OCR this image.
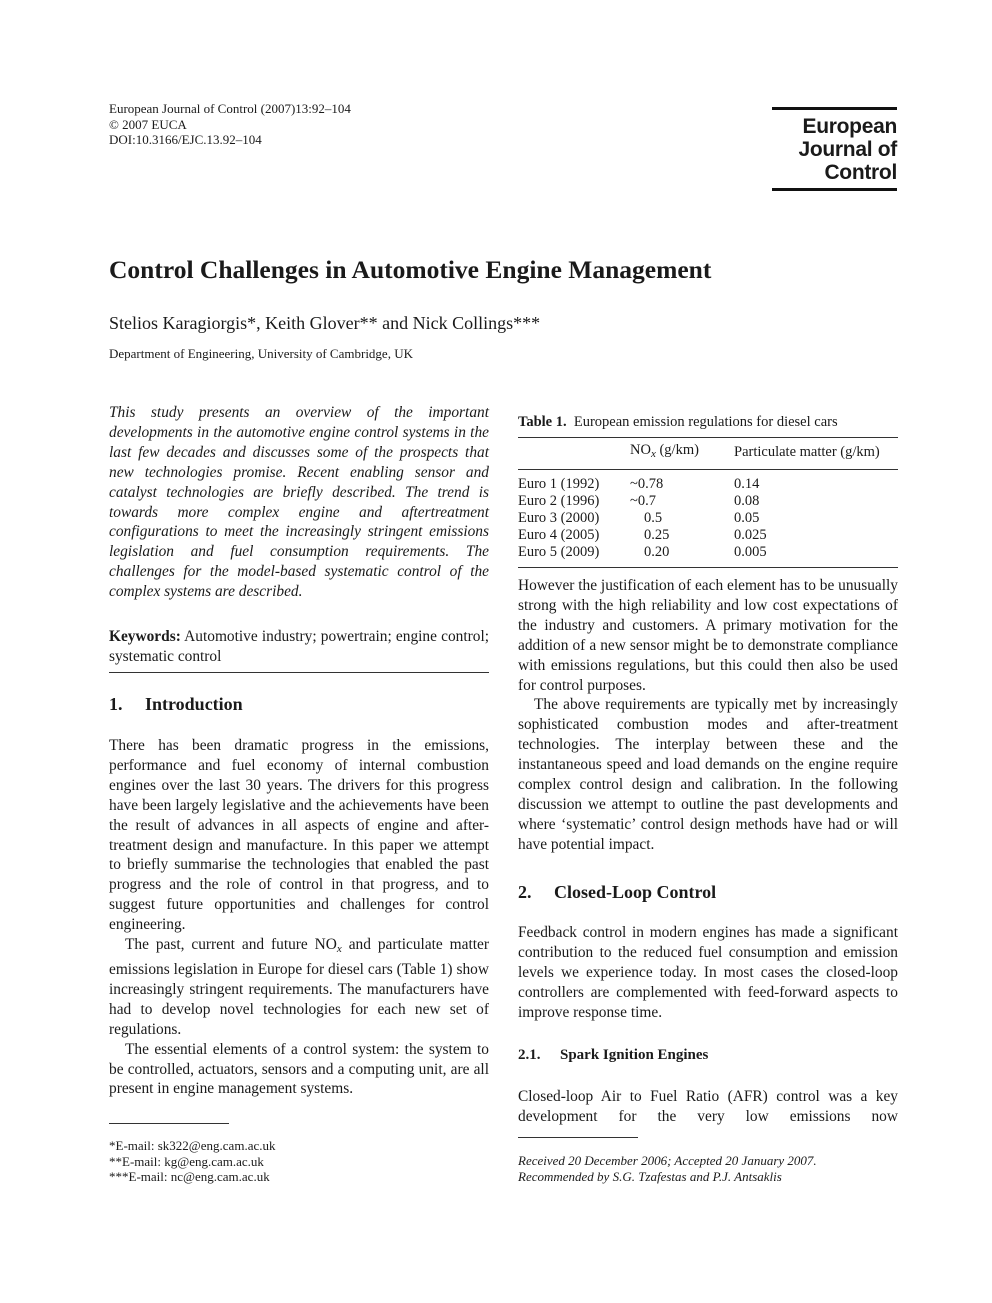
European Journal of Control (2007)13:92–104
© 2007 EUCA
DOI:10.3166/EJC.13.92–104
European
Journal of
Control
Control Challenges in Automotive Engine Management
Stelios Karagiorgis*, Keith Glover** and Nick Collings***
Department of Engineering, University of Cambridge, UK
This study presents an overview of the important developments in the automotive engine control systems in the last few decades and discusses some of the prospects that new technologies promise. Recent enabling sensor and catalyst technologies are briefly described. The trend is towards more complex engine and aftertreatment configurations to meet the increasingly stringent emissions legislation and fuel consumption requirements. The challenges for the model-based systematic control of the complex systems are described.
Keywords: Automotive industry; powertrain; engine control; systematic control
1. Introduction

There has been dramatic progress in the emissions, performance and fuel economy of internal combustion engines over the last 30 years. The drivers for this progress have been largely legislative and the achievements have been the result of advances in all aspects of engine and after-treatment design and manufacture. In this paper we attempt to briefly summarise the technologies that enabled the past progress and the role of control in that progress, and to suggest future opportunities and challenges for control engineering.

The past, current and future NOx and particulate matter emissions legislation in Europe for diesel cars (Table 1) show increasingly stringent requirements. The manufacturers have had to develop novel technologies for each new set of regulations.

The essential elements of a control system: the system to be controlled, actuators, sensors and a computing unit, are all present in engine management systems.

*E-mail: sk322@eng.cam.ac.uk
**E-mail: kg@eng.cam.ac.uk
***E-mail: nc@eng.cam.ac.uk
Table 1. European emission regulations for diesel cars
	$NO_x$ (g/km)	Particulate matter (g/km)
Euro 1 (1992)	~0.78	0.14
Euro 2 (1996)	~0.7	0.08
Euro 3 (2000)	0.5	0.05
Euro 4 (2005)	0.25	0.025
Euro 5 (2009)	0.20	0.005

However the justification of each element has to be unusually strong with the high reliability and low cost expectations of the industry and customers. A primary motivation for the addition of a new sensor might be to demonstrate compliance with emissions regulations, but this could then also be used for control purposes.

The above requirements are typically met by increasingly sophisticated combustion modes and after-treatment technologies. The interplay between these and the instantaneous speed and load demands on the engine require complex control design and calibration. In the following discussion we attempt to outline the past developments and where ‘systematic’ control design methods have had or will have potential impact.

2. Closed-Loop Control

Feedback control in modern engines has made a significant contribution to the reduced fuel consumption and emission levels we experience today. In most cases the closed-loop controllers are complemented with feed-forward aspects to improve response time.

2.1. Spark Ignition Engines

Closed-loop Air to Fuel Ratio (AFR) control was a key development for the very low emissions now

Received 20 December 2006; Accepted 20 January 2007.
Recommended by S.G. Tzafestas and P.J. Antsaklis
